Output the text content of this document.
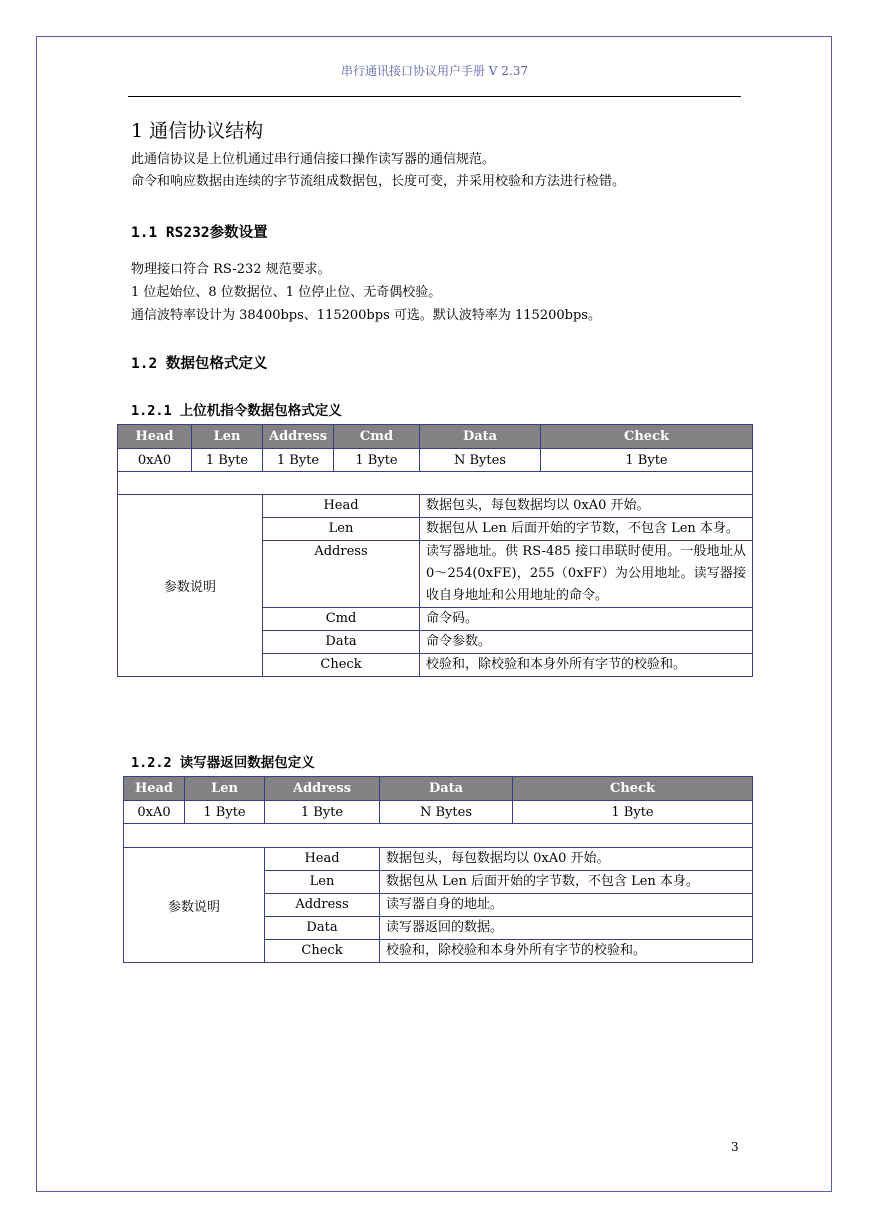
串行通讯接口协议用户手册 V 2.37
1 通信协议结构
此通信协议是上位机通过串行通信接口操作读写器的通信规范。
命令和响应数据由连续的字节流组成数据包，长度可变，并采用校验和方法进行检错。
1.1 RS232参数设置
物理接口符合 RS-232 规范要求。
1 位起始位、8 位数据位、1 位停止位、无奇偶校验。
通信波特率设计为 38400bps、115200bps 可选。默认波特率为 115200bps。
1.2 数据包格式定义
1.2.1 上位机指令数据包格式定义
Head	Len	Address	Cmd	Data	Check
0xA0	1 Byte	1 Byte	1 Byte	N Bytes	1 Byte

参数说明		Head		数据包头，每包数据均以 0xA0 开始。	
		Len		数据包从 Len 后面开始的字节数，不包含 Len 本身。	
		Address		读写器地址。供 RS-485 接口串联时使用。一般地址从 0～254(0xFE)，255（0xFF）为公用地址。读写器接收自身地址和公用地址的命令。	
		Cmd		命令码。	
		Data		命令参数。	
		Check		校验和，除校验和本身外所有字节的校验和。	
1.2.2 读写器返回数据包定义
Head	Len	Address	Data	Check
0xA0	1 Byte	1 Byte	N Bytes	1 Byte

参数说明		Head	数据包头，每包数据均以 0xA0 开始。	
		Len	数据包从 Len 后面开始的字节数，不包含 Len 本身。	
		Address	读写器自身的地址。	
		Data	读写器返回的数据。	
		Check	校验和，除校验和本身外所有字节的校验和。	
3
